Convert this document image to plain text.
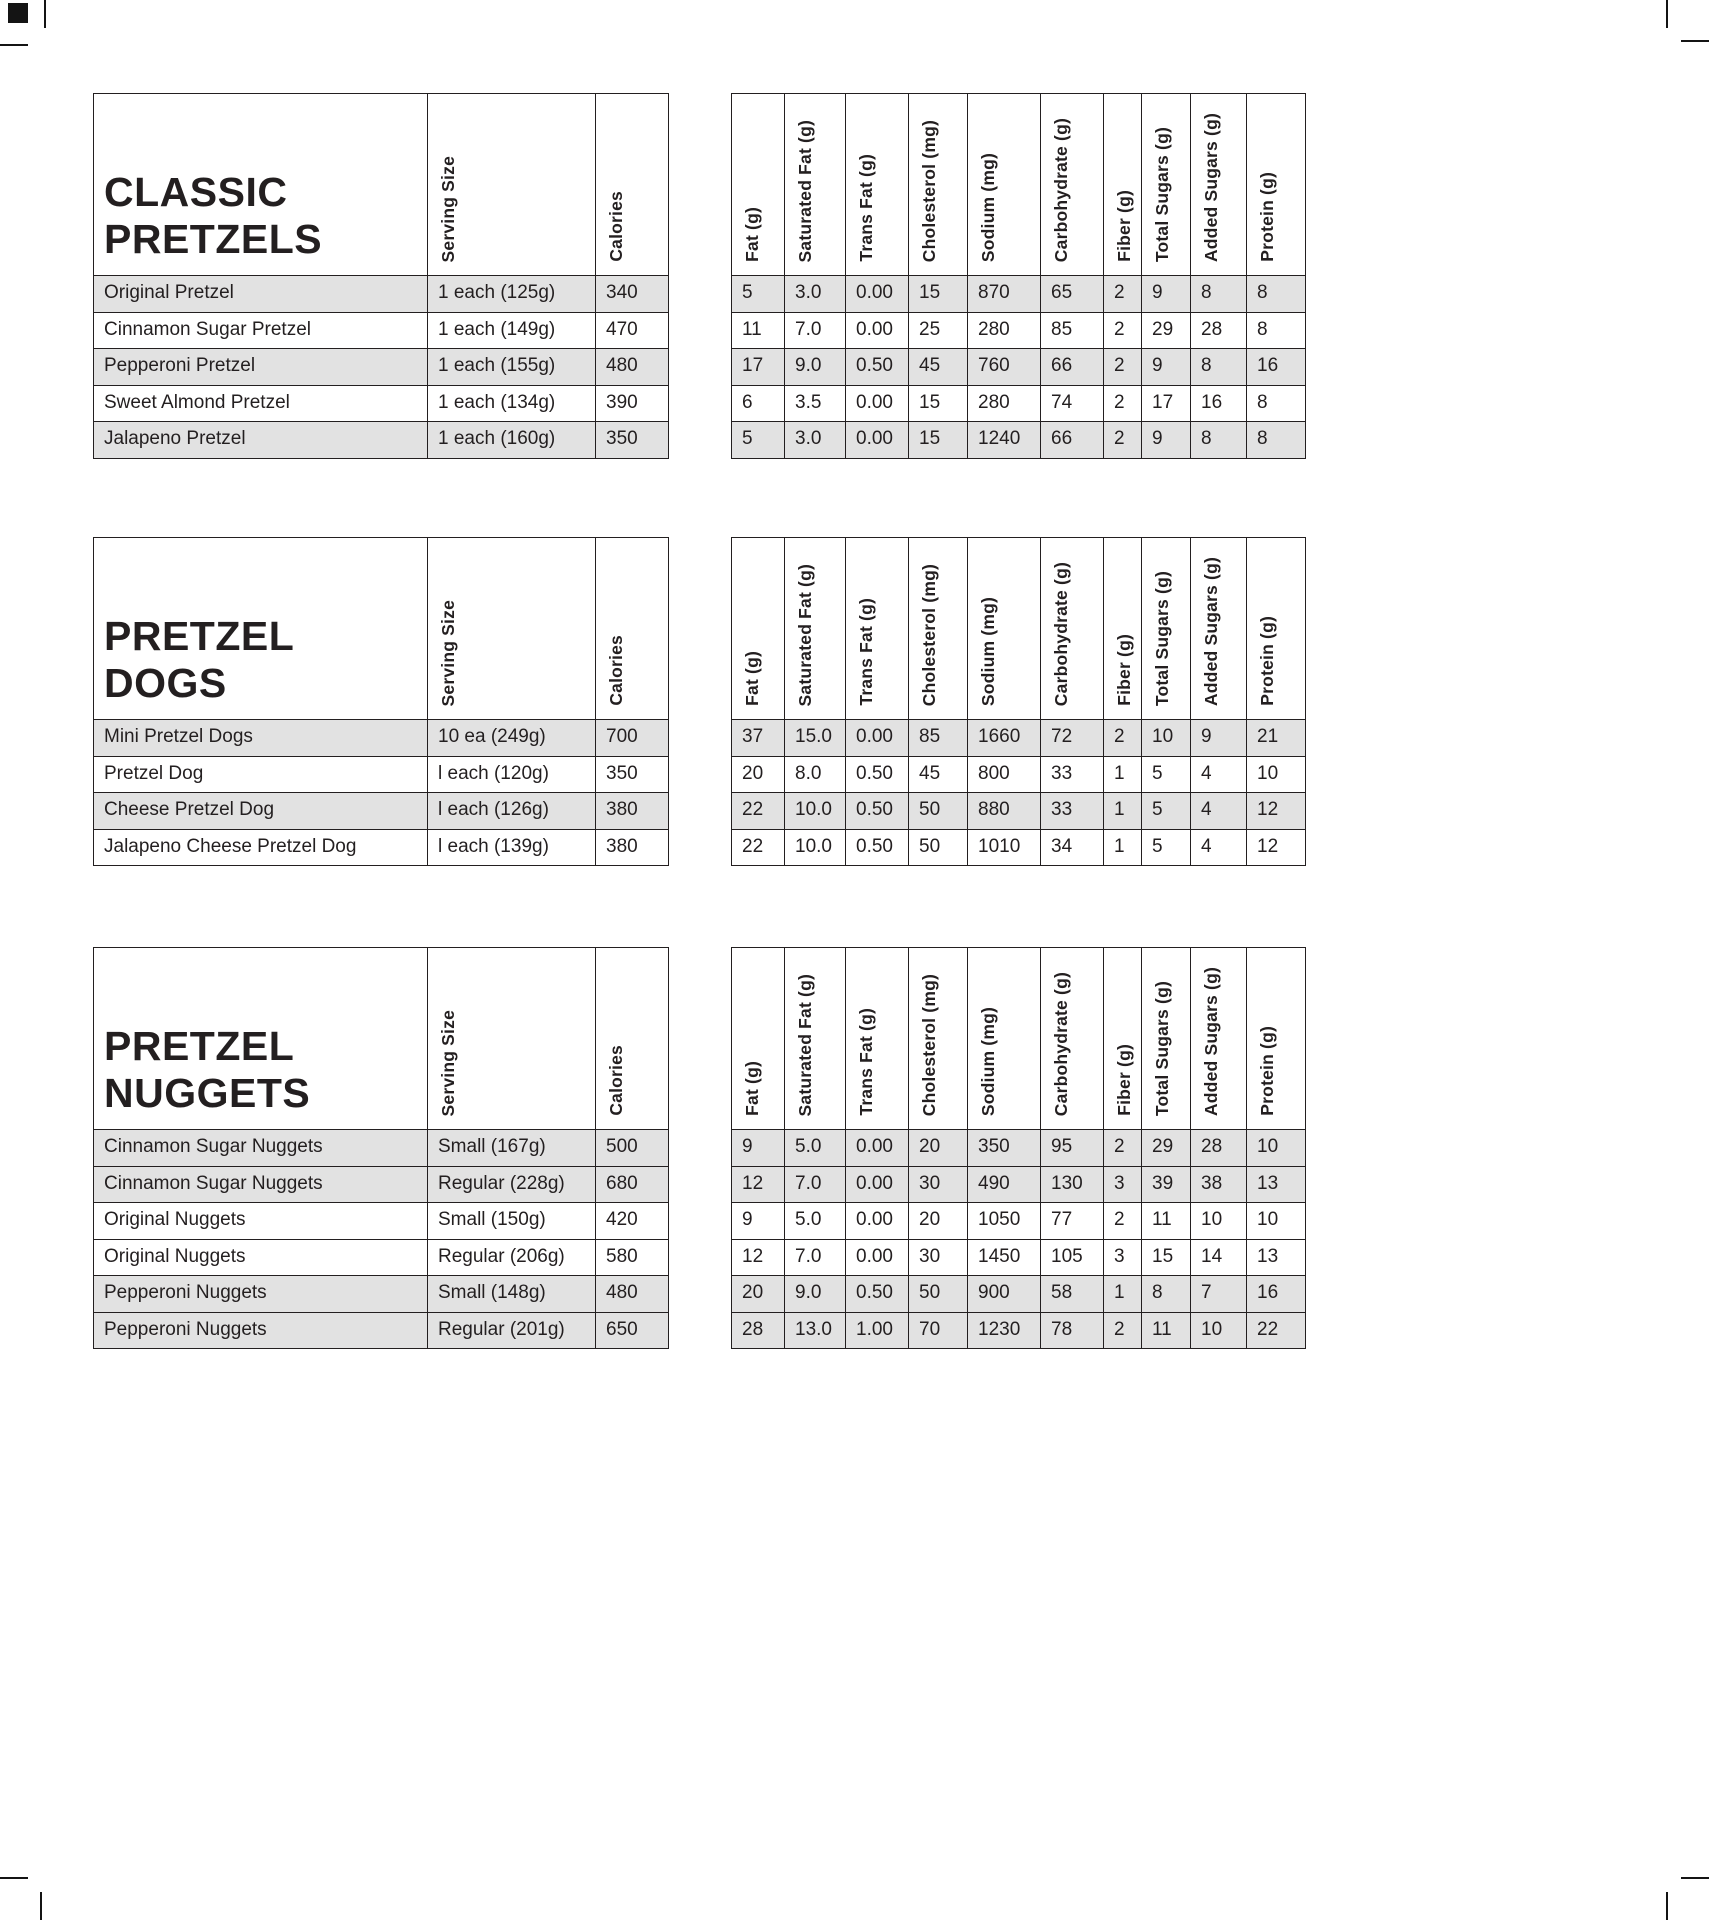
CLASSIC
PRETZELS	Serving Size	Calories

Original Pretzel	1 each (125g)	340
Cinnamon Sugar Pretzel	1 each (149g)	470
Pepperoni Pretzel	1 each (155g)	480
Sweet Almond Pretzel	1 each (134g)	390
Jalapeno Pretzel	1 each (160g)	350
Fat (g)	Saturated Fat (g)	Trans Fat (g)	Cholesterol (mg)	Sodium (mg)	Carbohydrate (g)	Fiber (g)	Total Sugars (g)	Added Sugars (g)	Protein (g)

5	3.0	0.00	15	870	65	2	9	8	8
11	7.0	0.00	25	280	85	2	29	28	8
17	9.0	0.50	45	760	66	2	9	8	16
6	3.5	0.00	15	280	74	2	17	16	8
5	3.0	0.00	15	1240	66	2	9	8	8
PRETZEL
DOGS	Serving Size	Calories

Mini Pretzel Dogs	10 ea (249g)	700
Pretzel Dog	l each (120g)	350
Cheese Pretzel Dog	l each (126g)	380
Jalapeno Cheese Pretzel Dog	l each (139g)	380
Fat (g)	Saturated Fat (g)	Trans Fat (g)	Cholesterol (mg)	Sodium (mg)	Carbohydrate (g)	Fiber (g)	Total Sugars (g)	Added Sugars (g)	Protein (g)

37	15.0	0.00	85	1660	72	2	10	9	21
20	8.0	0.50	45	800	33	1	5	4	10
22	10.0	0.50	50	880	33	1	5	4	12
22	10.0	0.50	50	1010	34	1	5	4	12
PRETZEL
NUGGETS	Serving Size	Calories

Cinnamon Sugar Nuggets	Small (167g)	500
Cinnamon Sugar Nuggets	Regular (228g)	680
Original Nuggets	Small (150g)	420
Original Nuggets	Regular (206g)	580
Pepperoni Nuggets	Small (148g)	480
Pepperoni Nuggets	Regular (201g)	650
Fat (g)	Saturated Fat (g)	Trans Fat (g)	Cholesterol (mg)	Sodium (mg)	Carbohydrate (g)	Fiber (g)	Total Sugars (g)	Added Sugars (g)	Protein (g)

9	5.0	0.00	20	350	95	2	29	28	10
12	7.0	0.00	30	490	130	3	39	38	13
9	5.0	0.00	20	1050	77	2	11	10	10
12	7.0	0.00	30	1450	105	3	15	14	13
20	9.0	0.50	50	900	58	1	8	7	16
28	13.0	1.00	70	1230	78	2	11	10	22
